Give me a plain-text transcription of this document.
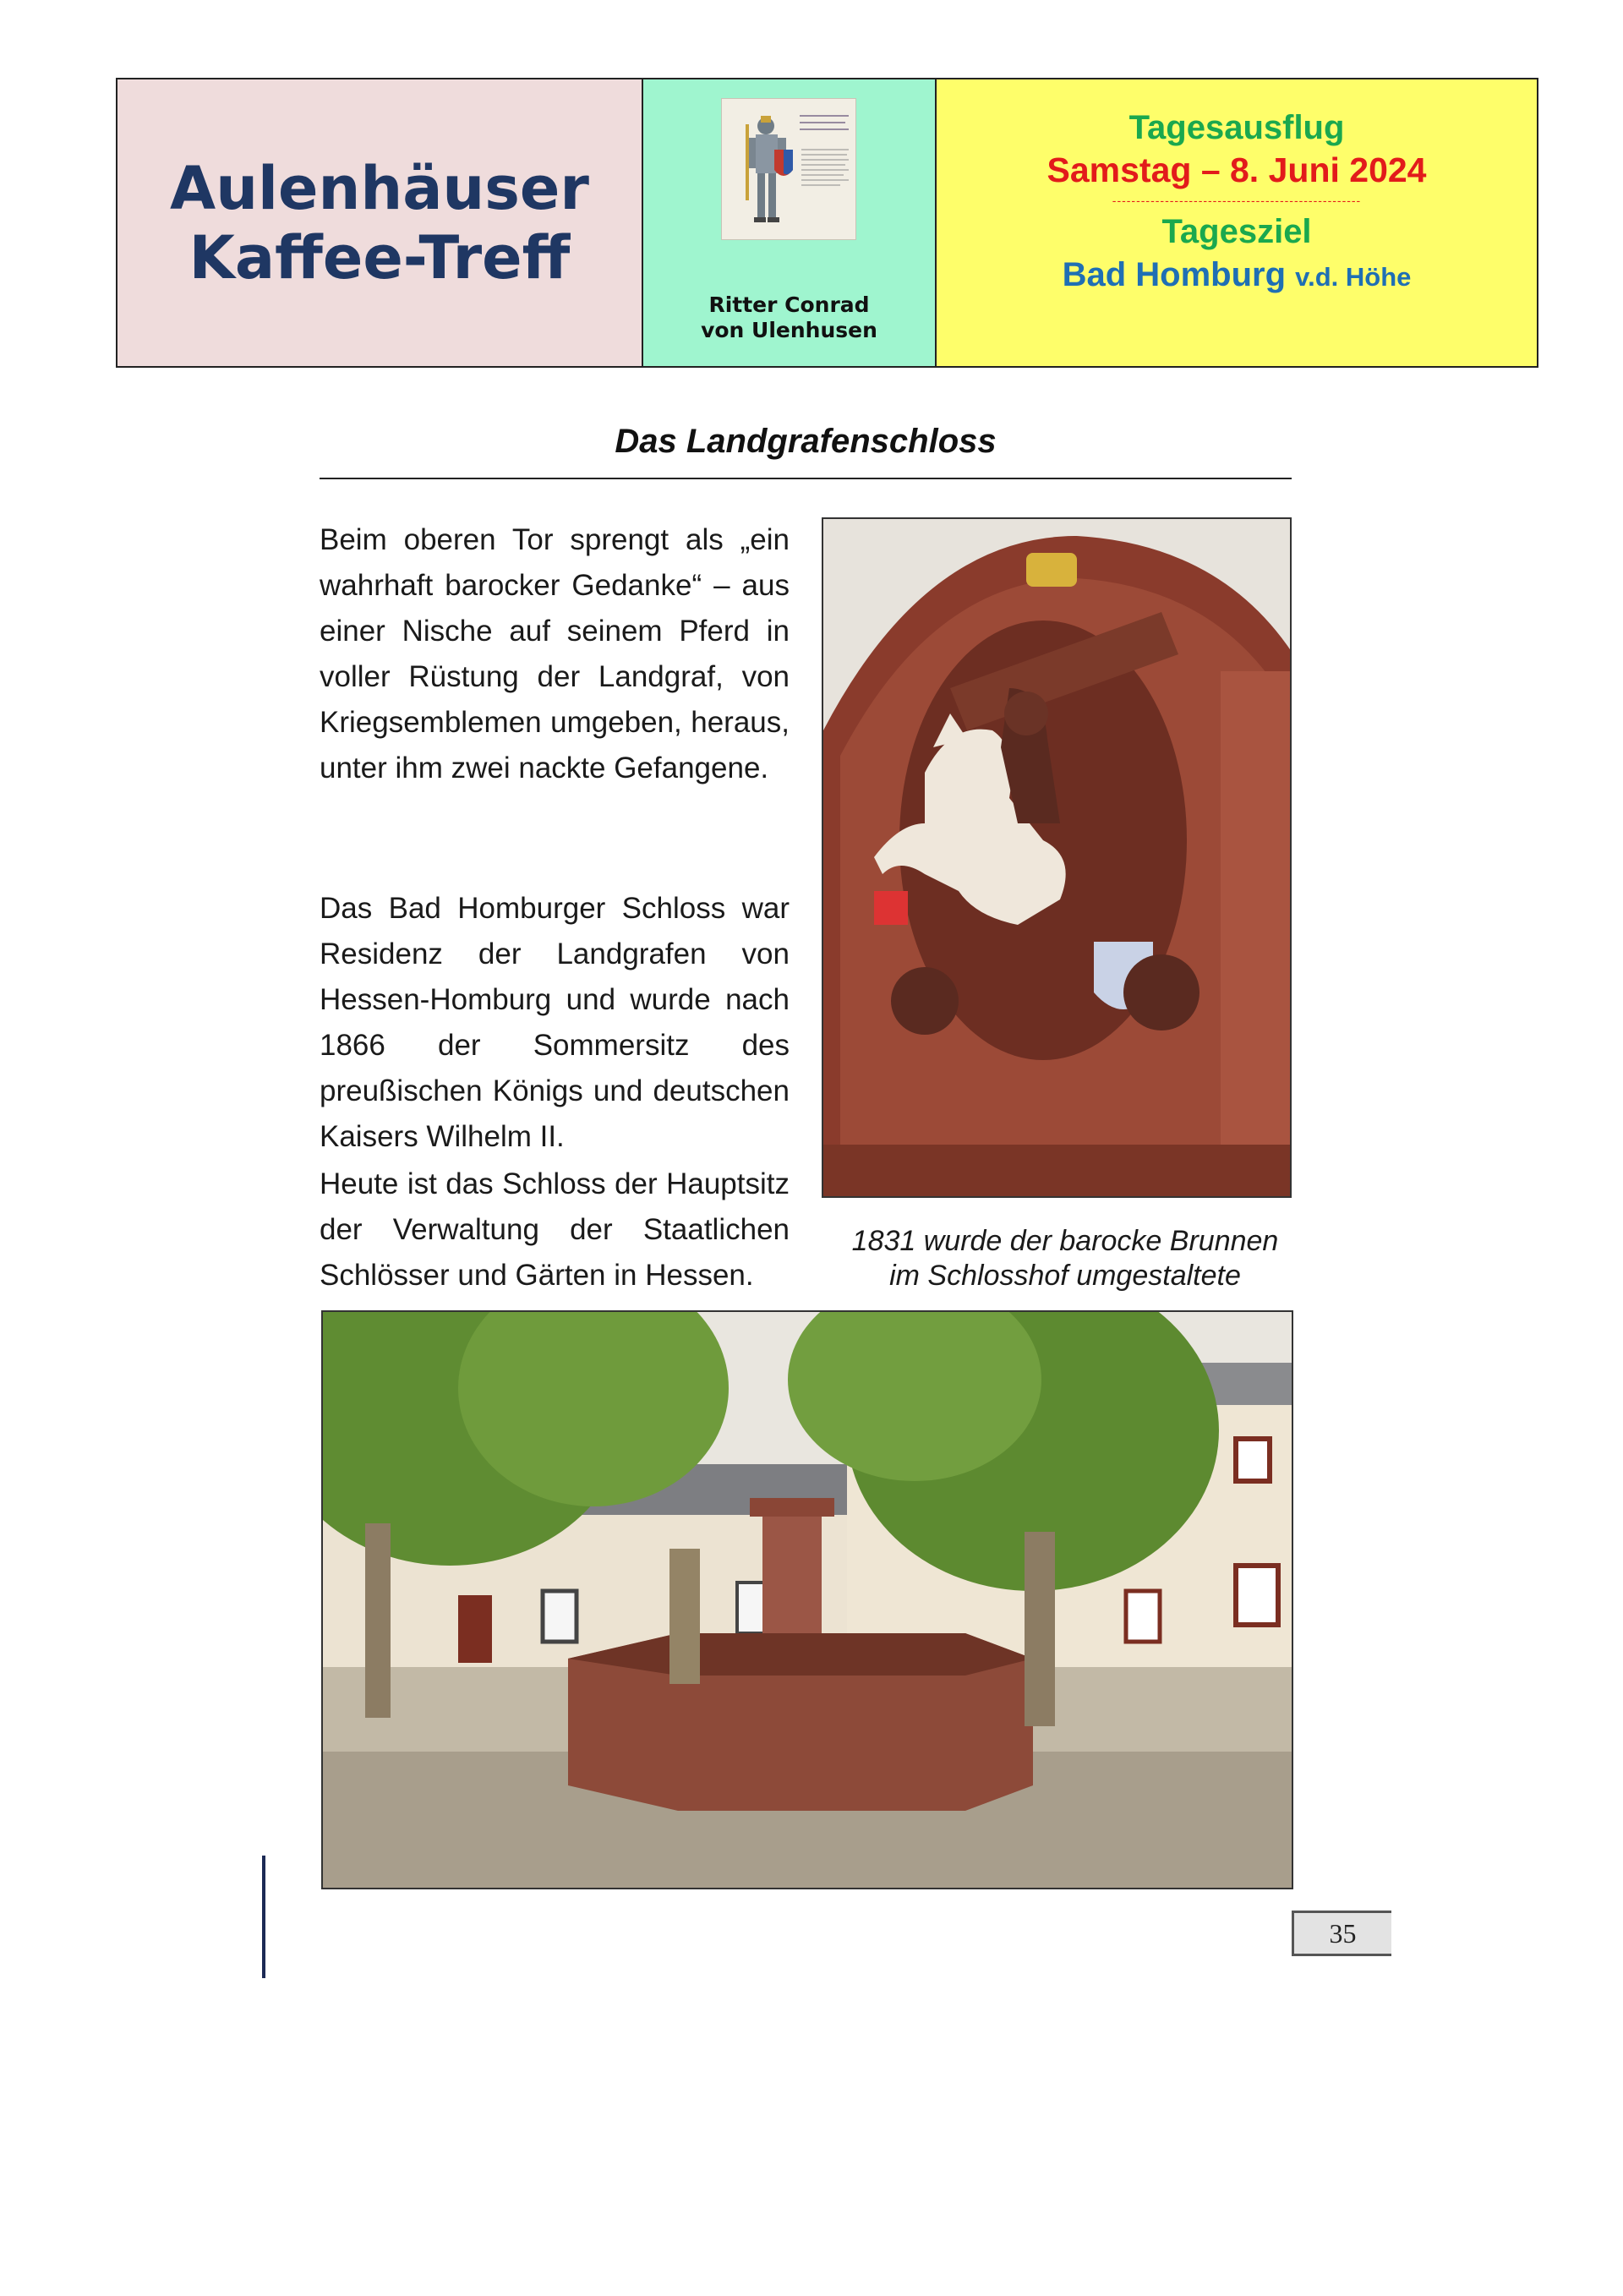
Aulenhäuser
Kaffee-Treff
Ritter Conrad
von Ulenhusen
Tagesausflug
Samstag – 8. Juni 2024
----------------------------------------------------
Tagesziel
Bad Homburg v.d. Höhe
Das Landgrafenschloss
Beim oberen Tor sprengt als „ein wahrhaft barocker Gedanke“ – aus einer Nische auf seinem Pferd in voller Rüstung der Landgraf, von Kriegsemblemen umgeben, heraus, unter ihm zwei nackte Gefangene.
Das Bad Homburger Schloss war Residenz der Landgrafen von Hessen-Homburg und wurde nach 1866 der Sommersitz des preußischen Königs und deutschen Kaisers Wilhelm II.
Heute ist das Schloss der Hauptsitz der Verwaltung der Staatlichen Schlösser und Gärten in Hessen.
1831 wurde der barocke Brunnen
im Schlosshof umgestaltete
35
